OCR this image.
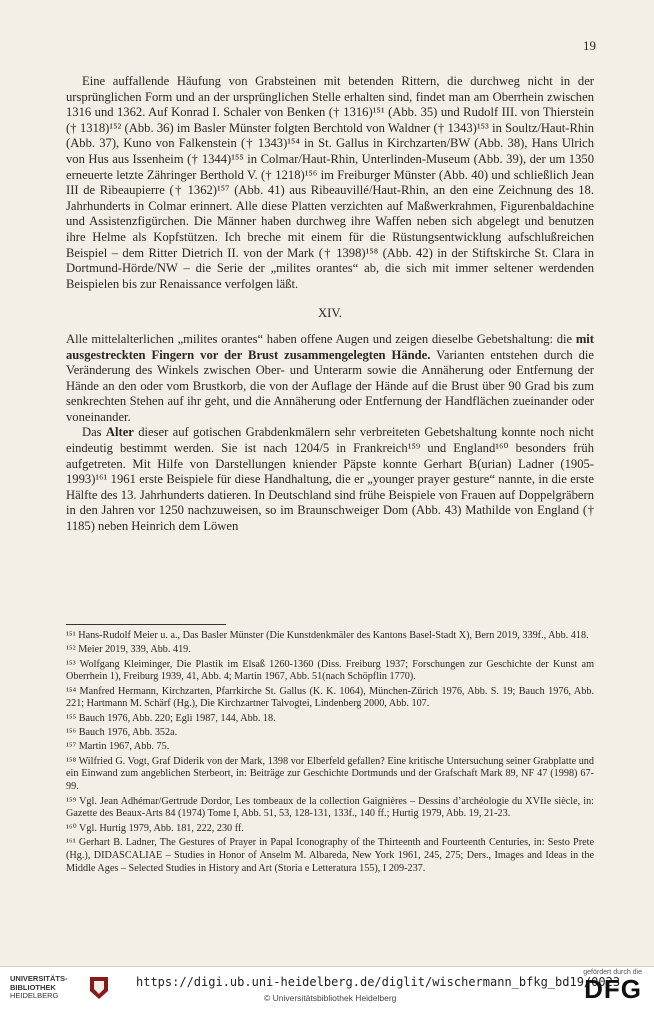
19

Eine auffallende Häufung von Grabsteinen mit betenden Rittern, die durchweg nicht in der ursprünglichen Form und an der ursprünglichen Stelle erhalten sind, findet man am Oberrhein zwischen 1316 und 1362. Auf Konrad I. Schaler von Benken († 1316)¹⁵¹ (Abb. 35) und Rudolf III. von Thierstein († 1318)¹⁵² (Abb. 36) im Basler Münster folgten Berchtold von Waldner († 1343)¹⁵³ in Soultz/Haut-Rhin (Abb. 37), Kuno von Falkenstein († 1343)¹⁵⁴ in St. Gallus in Kirchzarten/BW (Abb. 38), Hans Ulrich von Hus aus Issenheim († 1344)¹⁵⁵ in Colmar/Haut-Rhin, Unterlinden-Museum (Abb. 39), der um 1350 erneuerte letzte Zähringer Berthold V. († 1218)¹⁵⁶ im Freiburger Münster (Abb. 40) und schließlich Jean III de Ribeaupierre († 1362)¹⁵⁷ (Abb. 41) aus Ribeauvillé/Haut-Rhin, an den eine Zeichnung des 18. Jahrhunderts in Colmar erinnert. Alle diese Platten verzichten auf Maßwerkrahmen, Figurenbaldachine und Assistenzfigürchen. Die Männer haben durchweg ihre Waffen neben sich abgelegt und benutzen ihre Helme als Kopfstützen. Ich breche mit einem für die Rüstungsentwicklung aufschlußreichen Beispiel – dem Ritter Dietrich II. von der Mark († 1398)¹⁵⁸ (Abb. 42) in der Stiftskirche St. Clara in Dortmund-Hörde/NW – die Serie der „milites orantes“ ab, die sich mit immer seltener werdenden Beispielen bis zur Renaissance verfolgen läßt.

XIV.

Alle mittelalterlichen „milites orantes“ haben offene Augen und zeigen dieselbe Gebetshaltung: die mit ausgestreckten Fingern vor der Brust zusammengelegten Hände. Varianten entstehen durch die Veränderung des Winkels zwischen Ober- und Unterarm sowie die Annäherung oder Entfernung der Hände an den oder vom Brustkorb, die von der Auflage der Hände auf die Brust über 90 Grad bis zum senkrechten Stehen auf ihr geht, und die Annäherung oder Entfernung der Handflächen zueinander oder voneinander.

Das Alter dieser auf gotischen Grabdenkmälern sehr verbreiteten Gebetshaltung konnte noch nicht eindeutig bestimmt werden. Sie ist nach 1204/5 in Frankreich¹⁵⁹ und England¹⁶⁰ besonders früh aufgetreten. Mit Hilfe von Darstellungen kniender Päpste konnte Gerhart B(urian) Ladner (1905-1993)¹⁶¹ 1961 erste Beispiele für diese Handhaltung, die er „younger prayer gesture“ nannte, in die erste Hälfte des 13. Jahrhunderts datieren. In Deutschland sind frühe Beispiele von Frauen auf Doppelgräbern in den Jahren vor 1250 nachzuweisen, so im Braunschweiger Dom (Abb. 43) Mathilde von England († 1185) neben Heinrich dem Löwen

¹⁵¹ Hans-Rudolf Meier u. a., Das Basler Münster (Die Kunstdenkmäler des Kantons Basel-Stadt X), Bern 2019, 339f., Abb. 418.

¹⁵² Meier 2019, 339, Abb. 419.

¹⁵³ Wolfgang Kleiminger, Die Plastik im Elsaß 1260-1360 (Diss. Freiburg 1937; Forschungen zur Geschichte der Kunst am Oberrhein 1), Freiburg 1939, 41, Abb. 4; Martin 1967, Abb. 51(nach Schöpflin 1770).

¹⁵⁴ Manfred Hermann, Kirchzarten, Pfarrkirche St. Gallus (K. K. 1064), München-Zürich 1976, Abb. S. 19; Bauch 1976, Abb. 221; Hartmann M. Schärf (Hg.), Die Kirchzartner Talvogtei, Lindenberg 2000, Abb. 107.

¹⁵⁵ Bauch 1976, Abb. 220; Egli 1987, 144, Abb. 18.

¹⁵⁶ Bauch 1976, Abb. 352a.

¹⁵⁷ Martin 1967, Abb. 75.

¹⁵⁸ Wilfried G. Vogt, Graf Diderik von der Mark, 1398 vor Elberfeld gefallen? Eine kritische Untersuchung seiner Grabplatte und ein Einwand zum angeblichen Sterbeort, in: Beiträge zur Geschichte Dortmunds und der Grafschaft Mark 89, NF 47 (1998) 67-99.

¹⁵⁹ Vgl. Jean Adhémar/Gertrude Dordor, Les tombeaux de la collection Gaignières – Dessins d’archéologie du XVIIe siècle, in: Gazette des Beaux-Arts 84 (1974) Tome I, Abb. 51, 53, 128-131, 133f., 140 ff.; Hurtig 1979, Abb. 19, 21-23.

¹⁶⁰ Vgl. Hurtig 1979, Abb. 181, 222, 230 ff.

¹⁶¹ Gerhart B. Ladner, The Gestures of Prayer in Papal Iconography of the Thirteenth and Fourteenth Centuries, in: Sesto Prete (Hg.), DIDASCALIAE – Studies in Honor of Anselm M. Albareda, New York 1961, 245, 275; Ders., Images and Ideas in the Middle Ages – Selected Studies in History and Art (Storia e Letteratura 155), I 209-237.

UNIVERSITÄTS-
BIBLIOTHEK
HEIDELBERG
https://digi.ub.uni-heidelberg.de/diglit/wischermann_bfkg_bd19/0023
© Universitätsbibliothek Heidelberg
gefördert durch die
DFG
